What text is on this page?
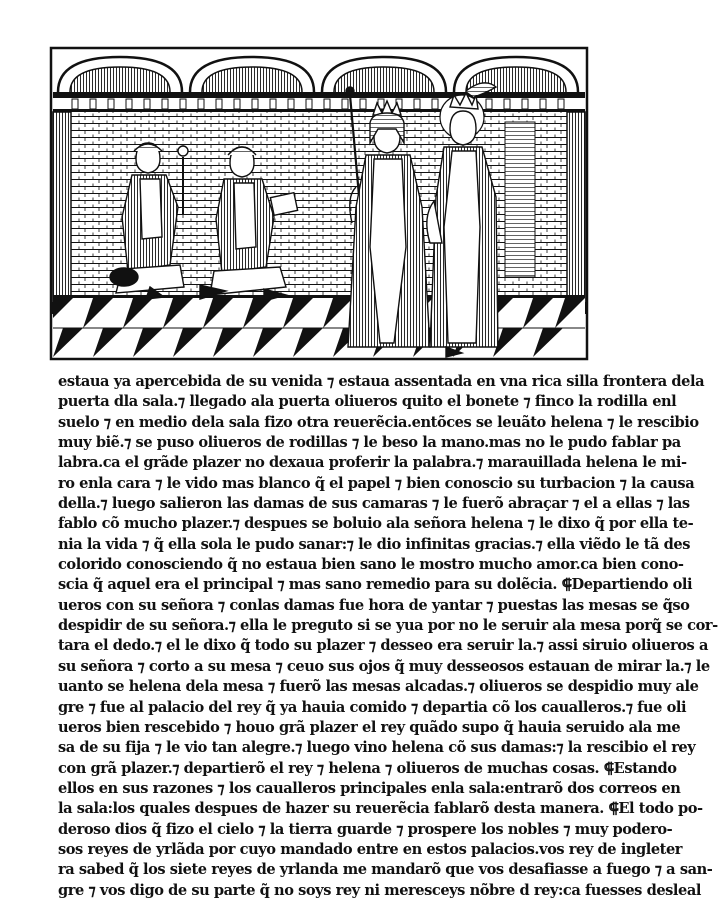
estaua ya apercebida de su venida ⁊ estaua assentada en vna rica silla frontera dela
puerta dla sala.⁊ llegado ala puerta oliueros quito el bonete ⁊ finco la rodilla enl
suelo ⁊ en medio dela sala fizo otra reuerẽcia.entõces se leuãto helena ⁊ le rescibio
muy biẽ.⁊ se puso oliueros de rodillas ⁊ le beso la mano.mas no le pudo fablar pa
labra.ca el grãde plazer no dexaua proferir la palabra.⁊ marauillada helena le mi-
ro enla cara ⁊ le vido mas blanco q̃ el papel ⁊ bien conoscio su turbacion ⁊ la causa
della.⁊ luego salieron las damas de sus camaras ⁊ le fuerõ abraçar ⁊ el a ellas ⁊ las
fablo cõ mucho plazer.⁊ despues se boluio ala señora helena ⁊ le dixo q̃ por ella te-
nia la vida ⁊ q̃ ella sola le pudo sanar:⁊ le dio infinitas gracias.⁊ ella viẽdo le tã des
colorido conosciendo q̃ no estaua bien sano le mostro mucho amor.ca bien cono-
scia q̃ aquel era el principal ⁊ mas sano remedio para su dolẽcia. ⸿Departiendo oli
ueros con su señora ⁊ conlas damas fue hora de yantar ⁊ puestas las mesas se q̃so
despidir de su señora.⁊ ella le preguto si se yua por no le seruir ala mesa porq̃ se cor-
tara el dedo.⁊ el le dixo q̃ todo su plazer ⁊ desseo era seruir la.⁊ assi siruio oliueros a
su señora ⁊ corto a su mesa ⁊ ceuo sus ojos q̃ muy desseosos estauan de mirar la.⁊ le
uanto se helena dela mesa ⁊ fuerõ las mesas alcadas.⁊ oliueros se despidio muy ale
gre ⁊ fue al palacio del rey q̃ ya hauia comido ⁊ departia cõ los caualleros.⁊ fue oli
ueros bien rescebido ⁊ houo grã plazer el rey quãdo supo q̃ hauia seruido ala me
sa de su fija ⁊ le vio tan alegre.⁊ luego vino helena cõ sus damas:⁊ la rescibio el rey
con grã plazer.⁊ departierõ el rey ⁊ helena ⁊ oliueros de muchas cosas. ⸿Estando
ellos en sus razones ⁊ los caualleros principales enla sala:entrarõ dos correos en
la sala:los quales despues de hazer su reuerẽcia fablarõ desta manera. ⸿El todo po-
deroso dios q̃ fizo el cielo ⁊ la tierra guarde ⁊ prospere los nobles ⁊ muy podero-
sos reyes de yrlãda por cuyo mandado entre en estos palacios.vos rey de ingleter
ra sabed q̃ los siete reyes de yrlanda me mandarõ que vos desafiasse a fuego ⁊ a san-
gre ⁊ vos digo de su parte q̃ no soys rey ni meresceys nõbre d rey:ca fuesses desleal
